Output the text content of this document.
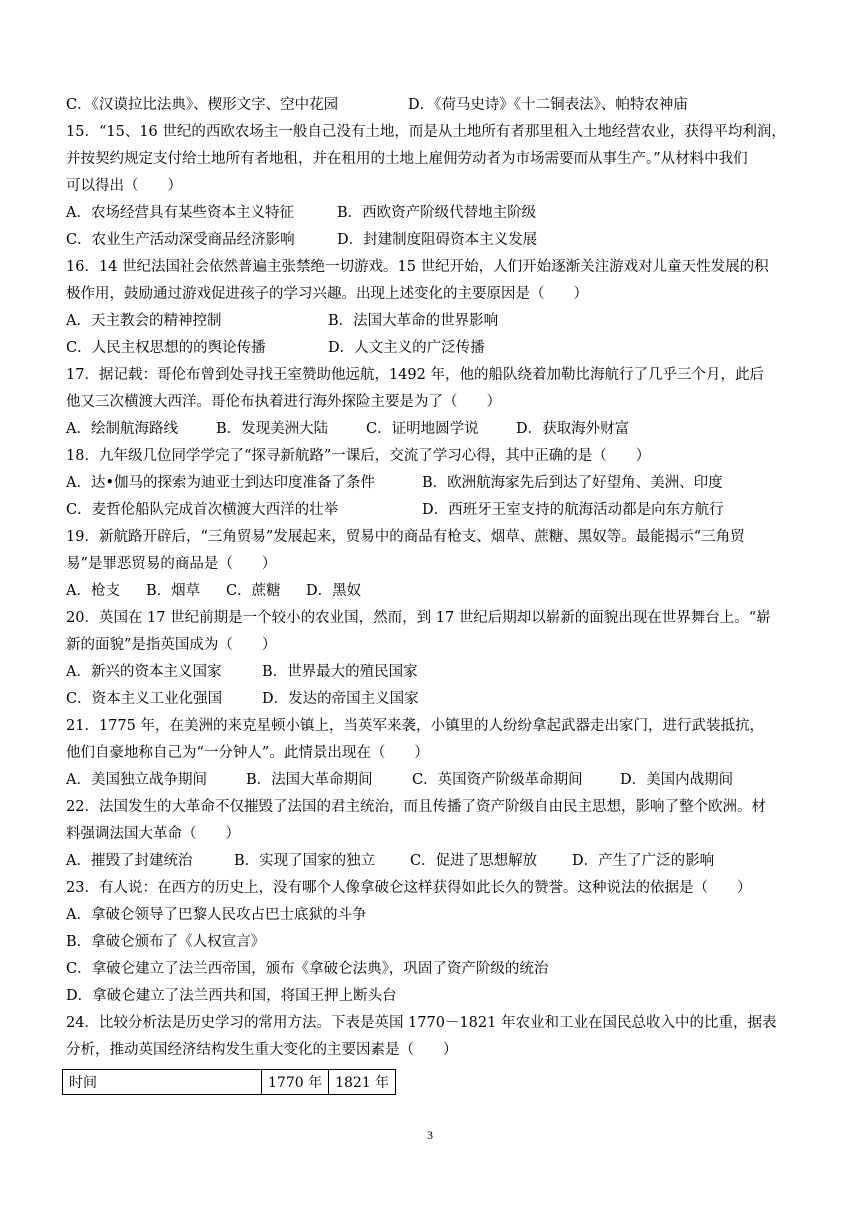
C．《汉谟拉比法典》、楔形文字、空中花园	D．《荷马史诗》《十二铜表法》、帕特农神庙
15．“15、16 世纪的西欧农场主一般自己没有土地，而是从土地所有者那里租入土地经营农业，获得平均利润，
并按契约规定支付给土地所有者地租，并在租用的土地上雇佣劳动者为市场需要而从事生产。”从材料中我们
可以得出（　　）
A．农场经营具有某些资本主义特征	B．西欧资产阶级代替地主阶级
C．农业生产活动深受商品经济影响	D．封建制度阻碍资本主义发展
16．14 世纪法国社会依然普遍主张禁绝一切游戏。15 世纪开始，人们开始逐渐关注游戏对儿童天性发展的积
极作用，鼓励通过游戏促进孩子的学习兴趣。出现上述变化的主要原因是（　　）
A．天主教会的精神控制	B．法国大革命的世界影响
C．人民主权思想的的舆论传播	D．人文主义的广泛传播
17．据记载：哥伦布曾到处寻找王室赞助他远航，1492 年，他的船队绕着加勒比海航行了几乎三个月，此后
他又三次横渡大西洋。哥伦布执着进行海外探险主要是为了（　　）
A．绘制航海路线	B．发现美洲大陆	C．证明地圆学说	D．获取海外财富
18．九年级几位同学学完了“探寻新航路”一课后，交流了学习心得，其中正确的是（　　）
A．达•伽马的探索为迪亚士到达印度准备了条件	B．欧洲航海家先后到达了好望角、美洲、印度
C．麦哲伦船队完成首次横渡大西洋的壮举	D．西班牙王室支持的航海活动都是向东方航行
19．新航路开辟后，“三角贸易”发展起来，贸易中的商品有枪支、烟草、蔗糖、黑奴等。最能揭示“三角贸
易”是罪恶贸易的商品是（　　）
A．枪支	B．烟草	C．蔗糖	D．黑奴
20．英国在 17 世纪前期是一个较小的农业国，然而，到 17 世纪后期却以崭新的面貌出现在世界舞台上。“崭
新的面貌”是指英国成为（　　）
A．新兴的资本主义国家	B．世界最大的殖民国家
C．资本主义工业化强国	D．发达的帝国主义国家
21．1775 年，在美洲的来克星顿小镇上，当英军来袭，小镇里的人纷纷拿起武器走出家门，进行武装抵抗，
他们自豪地称自己为“一分钟人”。此情景出现在（　　）
A．美国独立战争期间	B．法国大革命期间	C．英国资产阶级革命期间	D．美国内战期间
22．法国发生的大革命不仅摧毁了法国的君主统治，而且传播了资产阶级自由民主思想，影响了整个欧洲。材
料强调法国大革命（　　）
A．摧毁了封建统治	B．实现了国家的独立	C．促进了思想解放	D．产生了广泛的影响
23．有人说：在西方的历史上，没有哪个人像拿破仑这样获得如此长久的赞誉。这种说法的依据是（　　）
A．拿破仑领导了巴黎人民攻占巴士底狱的斗争
B．拿破仑颁布了《人权宣言》
C．拿破仑建立了法兰西帝国，颁布《拿破仑法典》，巩固了资产阶级的统治
D．拿破仑建立了法兰西共和国，将国王押上断头台
24．比较分析法是历史学习的常用方法。下表是英国 1770－1821 年农业和工业在国民总收入中的比重，据表
分析，推动英国经济结构发生重大变化的主要因素是（　　）
时间	1770 年	1821 年
3
